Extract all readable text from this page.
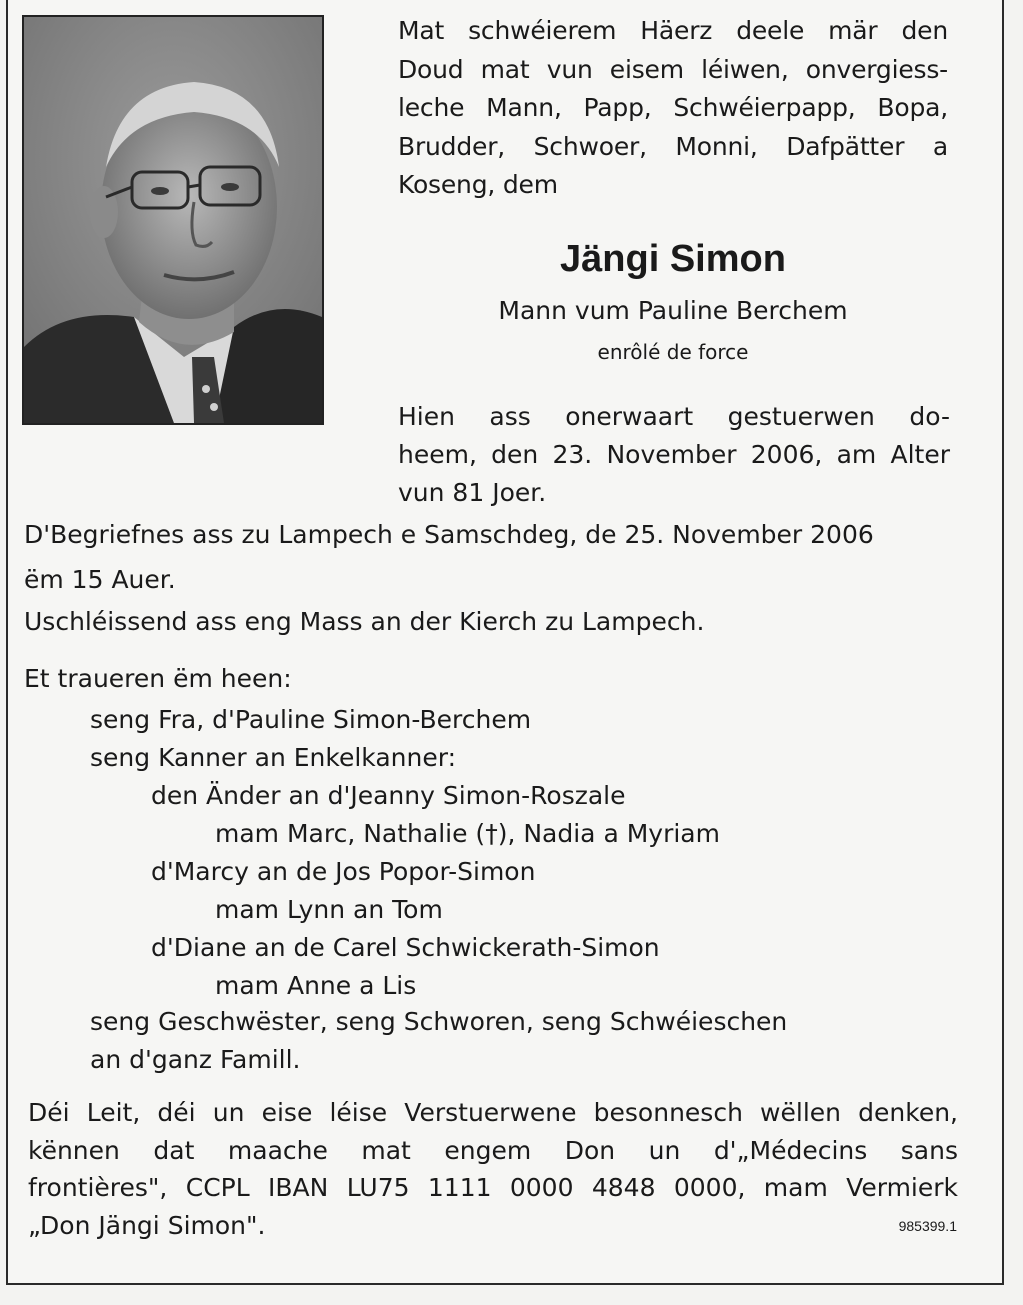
Mat schwéierem Häerz deele mär den
Doud mat vun eisem léiwen, onvergiess-
leche Mann, Papp, Schwéierpapp, Bopa,
Brudder, Schwoer, Monni, Dafpätter a
Koseng, dem
Jängi Simon
Mann vum Pauline Berchem
enrôlé de force
Hien ass onerwaart gestuerwen do-
heem, den 23. November 2006, am Alter
vun 81 Joer.
D'Begriefnes ass zu Lampech e Samschdeg, de 25. November 2006
ëm 15 Auer.
Uschléissend ass eng Mass an der Kierch zu Lampech.
Et traueren ëm heen:
seng Fra, d'Pauline Simon-Berchem
seng Kanner an Enkelkanner:
den Änder an d'Jeanny Simon-Roszale
mam Marc, Nathalie (†), Nadia a Myriam
d'Marcy an de Jos Popor-Simon
mam Lynn an Tom
d'Diane an de Carel Schwickerath-Simon
mam Anne a Lis
seng Geschwëster, seng Schworen, seng Schwéieschen
an d'ganz Famill.
Déi Leit, déi un eise léise Verstuerwene besonnesch wëllen denken,
kënnen dat maache mat engem Don un d'„Médecins sans
frontières", CCPL IBAN LU75 1111 0000 4848 0000, mam Vermierk
„Don Jängi Simon".	985399.1
